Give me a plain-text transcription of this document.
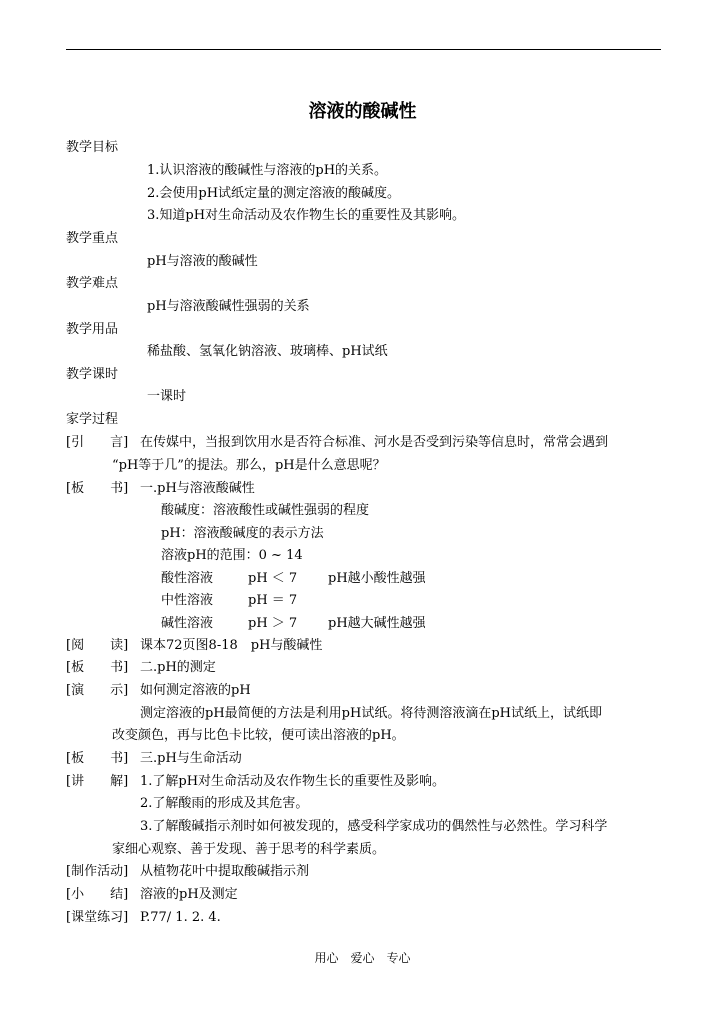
溶液的酸碱性
教学目标
1.认识溶液的酸碱性与溶液的pH的关系。
2.会使用pH试纸定量的测定溶液的酸碱度。
3.知道pH对生命活动及农作物生长的重要性及其影响。
教学重点
pH与溶液的酸碱性
教学难点
pH与溶液酸碱性强弱的关系
教学用品
稀盐酸、氢氧化钠溶液、玻璃棒、pH试纸
教学课时
一课时
家学过程
[引　　言] 在传媒中，当报到饮用水是否符合标准、河水是否受到污染等信息时，常常会遇到
“pH等于几”的提法。那么，pH是什么意思呢？
[板　　书] 一.pH与溶液酸碱性
酸碱度：溶液酸性或碱性强弱的程度
pH：溶液酸碱度的表示方法
溶液pH的范围：0 ~ 14
酸性溶液	pH ＜ 7 pH越小酸性越强
中性溶液	pH ＝ 7
碱性溶液	pH ＞ 7 pH越大碱性越强
[阅　　读] 课本72页图8-18　pH与酸碱性
[板　　书] 二.pH的测定
[演　　示] 如何测定溶液的pH
测定溶液的pH最简便的方法是利用pH试纸。将待测溶液滴在pH试纸上，试纸即
改变颜色，再与比色卡比较，便可读出溶液的pH。
[板　　书] 三.pH与生命活动
[讲　　解] 1.了解pH对生命活动及农作物生长的重要性及影响。
2.了解酸雨的形成及其危害。
3.了解酸碱指示剂时如何被发现的，感受科学家成功的偶然性与必然性。学习科学
家细心观察、善于发现、善于思考的科学素质。
[制作活动] 从植物花叶中提取酸碱指示剂
[小　　结] 溶液的pH及测定
[课堂练习] P.77/ 1. 2. 4.
用心　爱心　专心
